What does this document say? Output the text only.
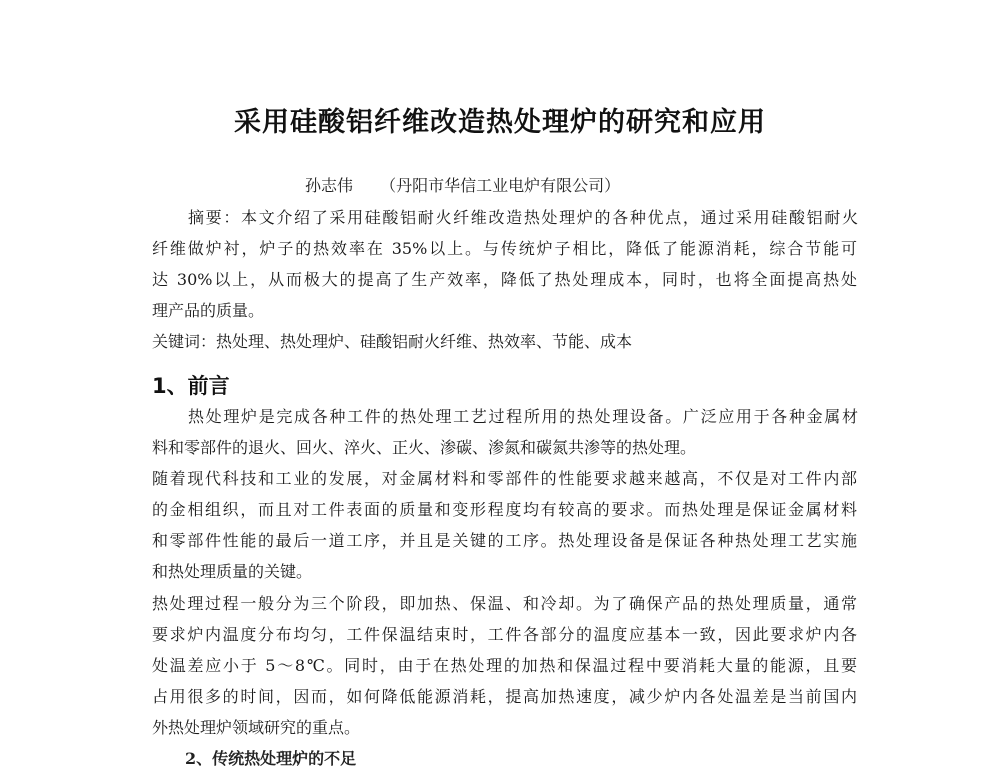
采用硅酸铝纤维改造热处理炉的研究和应用
孙志伟 （丹阳市华信工业电炉有限公司）
摘要：本文介绍了采用硅酸铝耐火纤维改造热处理炉的各种优点，通过采用硅酸铝耐火
纤维做炉衬，炉子的热效率在 35%以上。与传统炉子相比，降低了能源消耗，综合节能可
达 30%以上，从而极大的提高了生产效率，降低了热处理成本，同时，也将全面提高热处
理产品的质量。
关键词：热处理、热处理炉、硅酸铝耐火纤维、热效率、节能、成本
1、前言
热处理炉是完成各种工件的热处理工艺过程所用的热处理设备。广泛应用于各种金属材
料和零部件的退火、回火、淬火、正火、渗碳、渗氮和碳氮共渗等的热处理。
随着现代科技和工业的发展，对金属材料和零部件的性能要求越来越高，不仅是对工件内部
的金相组织，而且对工件表面的质量和变形程度均有较高的要求。而热处理是保证金属材料
和零部件性能的最后一道工序，并且是关键的工序。热处理设备是保证各种热处理工艺实施
和热处理质量的关键。
热处理过程一般分为三个阶段，即加热、保温、和冷却。为了确保产品的热处理质量，通常
要求炉内温度分布均匀，工件保温结束时，工件各部分的温度应基本一致，因此要求炉内各
处温差应小于 5～8℃。同时，由于在热处理的加热和保温过程中要消耗大量的能源，且要
占用很多的时间，因而，如何降低能源消耗，提高加热速度，减少炉内各处温差是当前国内
外热处理炉领域研究的重点。
2、传统热处理炉的不足
